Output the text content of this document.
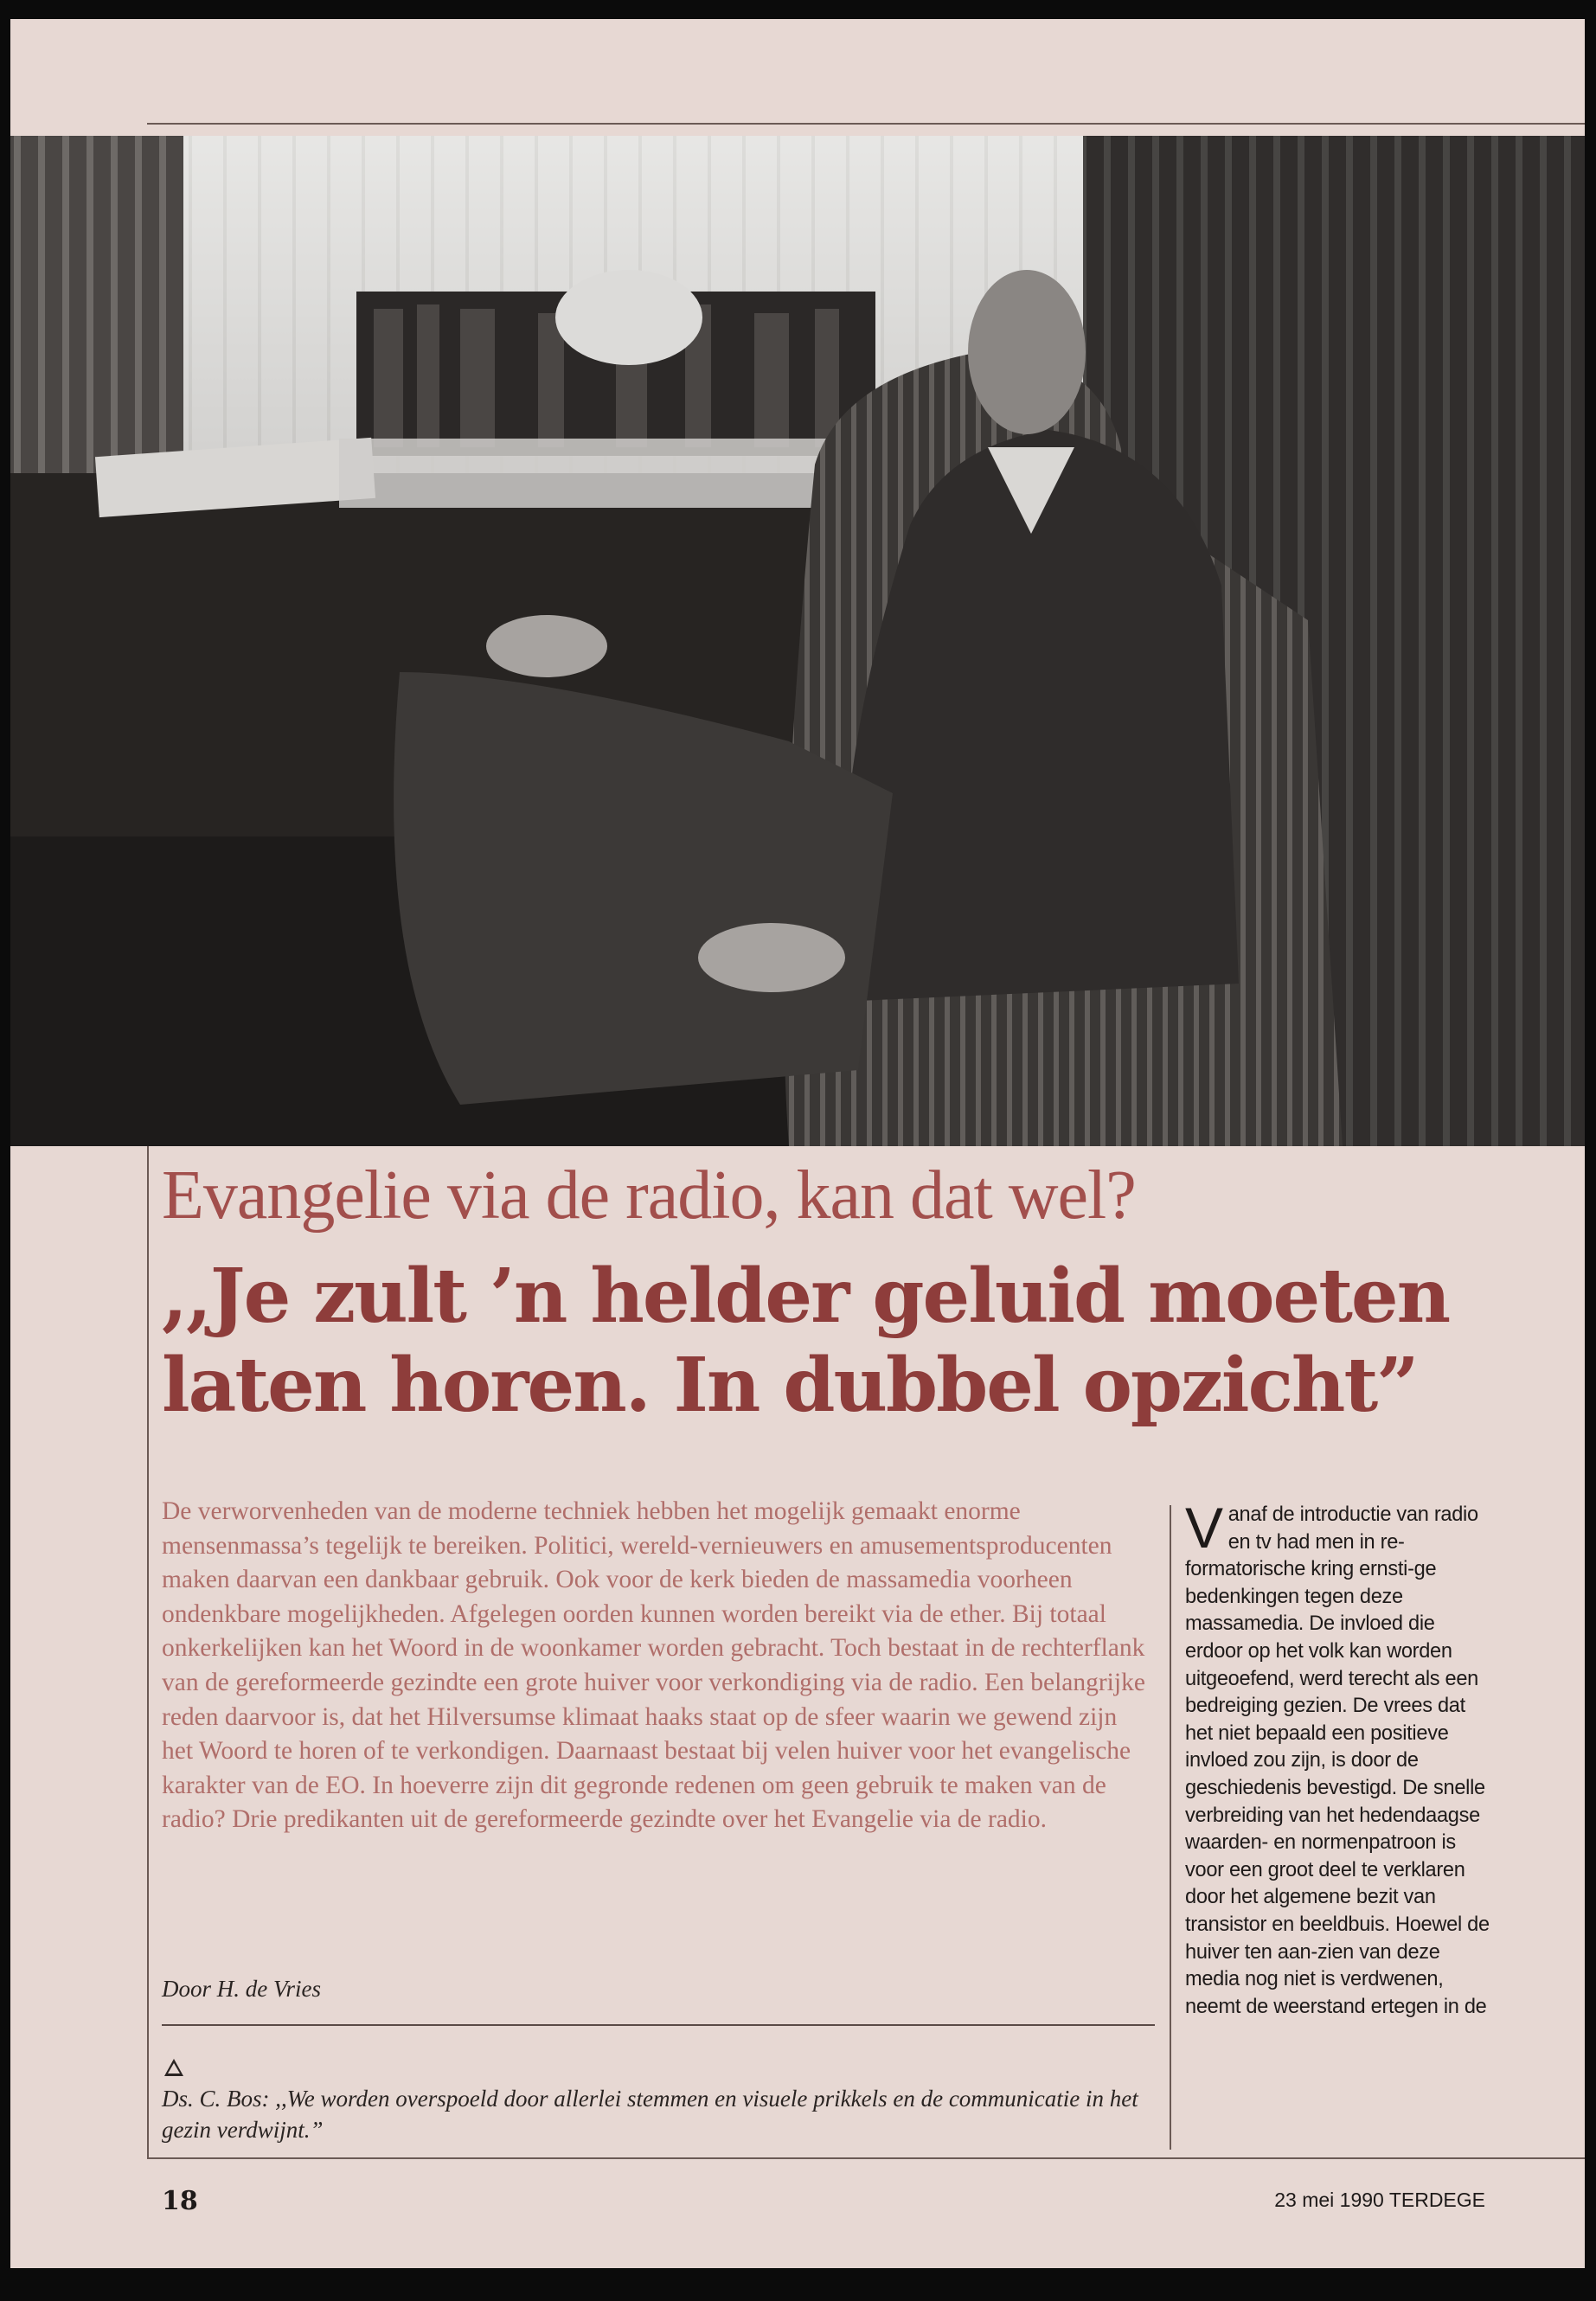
Evangelie via de radio, kan dat wel?
,,Je zult ’n helder geluid moeten
laten horen. In dubbel opzicht”
De verworvenheden van de moderne techniek hebben het mogelijk gemaakt enorme mensenmassa’s tegelijk te bereiken. Politici, wereld-vernieuwers en amusementsproducenten maken daarvan een dankbaar gebruik. Ook voor de kerk bieden de massamedia voorheen ondenkbare mogelijkheden. Afgelegen oorden kunnen worden bereikt via de ether. Bij totaal onkerkelijken kan het Woord in de woonkamer worden gebracht. Toch bestaat in de rechterflank van de gereformeerde gezindte een grote huiver voor verkondiging via de radio. Een belangrijke reden daarvoor is, dat het Hilversumse klimaat haaks staat op de sfeer waarin we gewend zijn het Woord te horen of te verkondigen. Daarnaast bestaat bij velen huiver voor het evangelische karakter van de EO. In hoeverre zijn dit gegronde redenen om geen gebruik te maken van de radio? Drie predikanten uit de gereformeerde gezindte over het Evangelie via de radio.
Door H. de Vries
Ds. C. Bos: ,,We worden overspoeld door allerlei stemmen en visuele prikkels en de communicatie in het gezin verdwijnt.”
V anaf de introductie van radio en tv had men in re-formatorische kring ernsti-ge bedenkingen tegen deze massamedia. De invloed die erdoor op het volk kan worden uitgeoefend, werd terecht als een bedreiging gezien. De vrees dat het niet bepaald een positieve invloed zou zijn, is door de geschiedenis bevestigd. De snelle verbreiding van het hedendaagse waarden- en normenpatroon is voor een groot deel te verklaren door het algemene bezit van transistor en beeldbuis. Hoewel de huiver ten aan-zien van deze media nog niet is verdwenen, neemt de weerstand ertegen in de
18	23 mei 1990 TERDEGE
